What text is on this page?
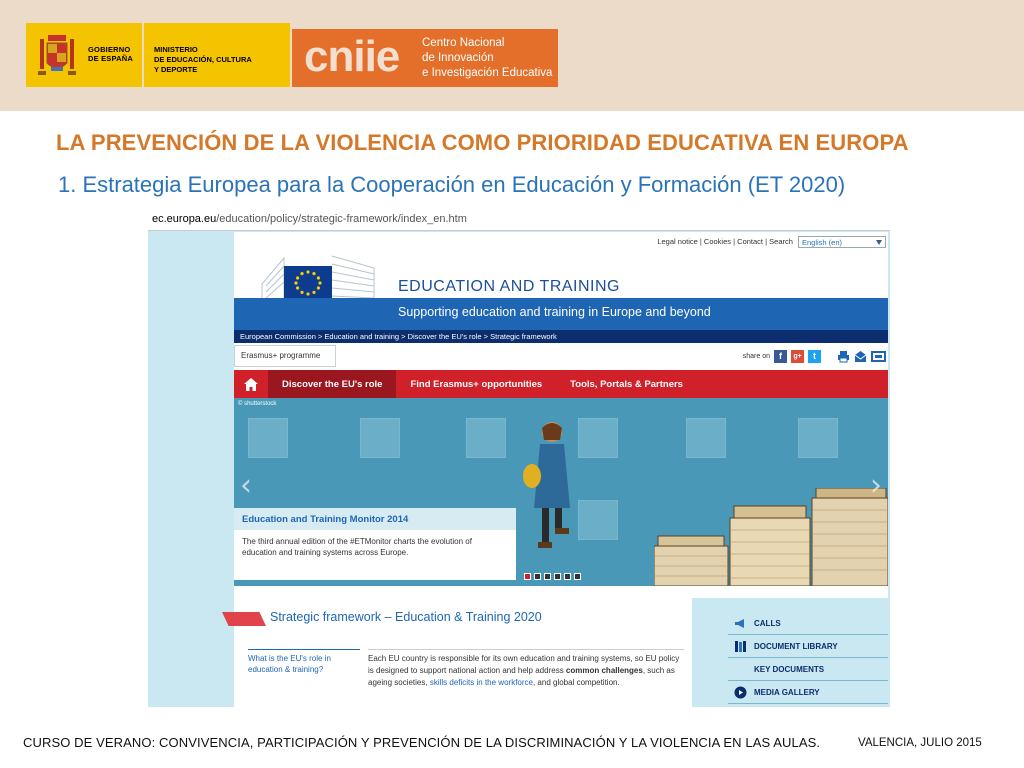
GOBIERNO
DE ESPAÑA
MINISTERIO
DE EDUCACIÓN, CULTURA
Y DEPORTE	cniie Centro Nacional
de Innovación
e Investigación Educativa
LA PREVENCIÓN DE LA VIOLENCIA COMO PRIORIDAD EDUCATIVA EN EUROPA
1. Estrategia Europea para la Cooperación en Educación y Formación (ET 2020)
ec.europa.eu/education/policy/strategic-framework/index_en.htm
Legal notice | Cookies | Contact | Search English (en)
EDUCATION AND TRAINING
Supporting education and training in Europe and beyond
European Commission > Education and training > Discover the EU's role > Strategic framework
Erasmus+ programme	share on	f	g+	t
Discover the EU's role	Find Erasmus+ opportunities	Tools, Portals & Partners
© shutterstock
‹	›
Education and Training Monitor 2014
The third annual edition of the #ETMonitor charts the evolution of education and training systems across Europe.
Strategic framework – Education & Training 2020
What is the EU's role in education & training?
Each EU country is responsible for its own education and training systems, so EU policy is designed to support national action and help address common challenges, such as ageing societies, skills deficits in the workforce, and global competition.
CALLS
DOCUMENT LIBRARY
KEY DOCUMENTS
MEDIA GALLERY
CURSO DE VERANO: CONVIVENCIA, PARTICIPACIÓN Y PREVENCIÓN DE LA DISCRIMINACIÓN Y LA VIOLENCIA EN LAS AULAS.	VALENCIA, JULIO 2015
